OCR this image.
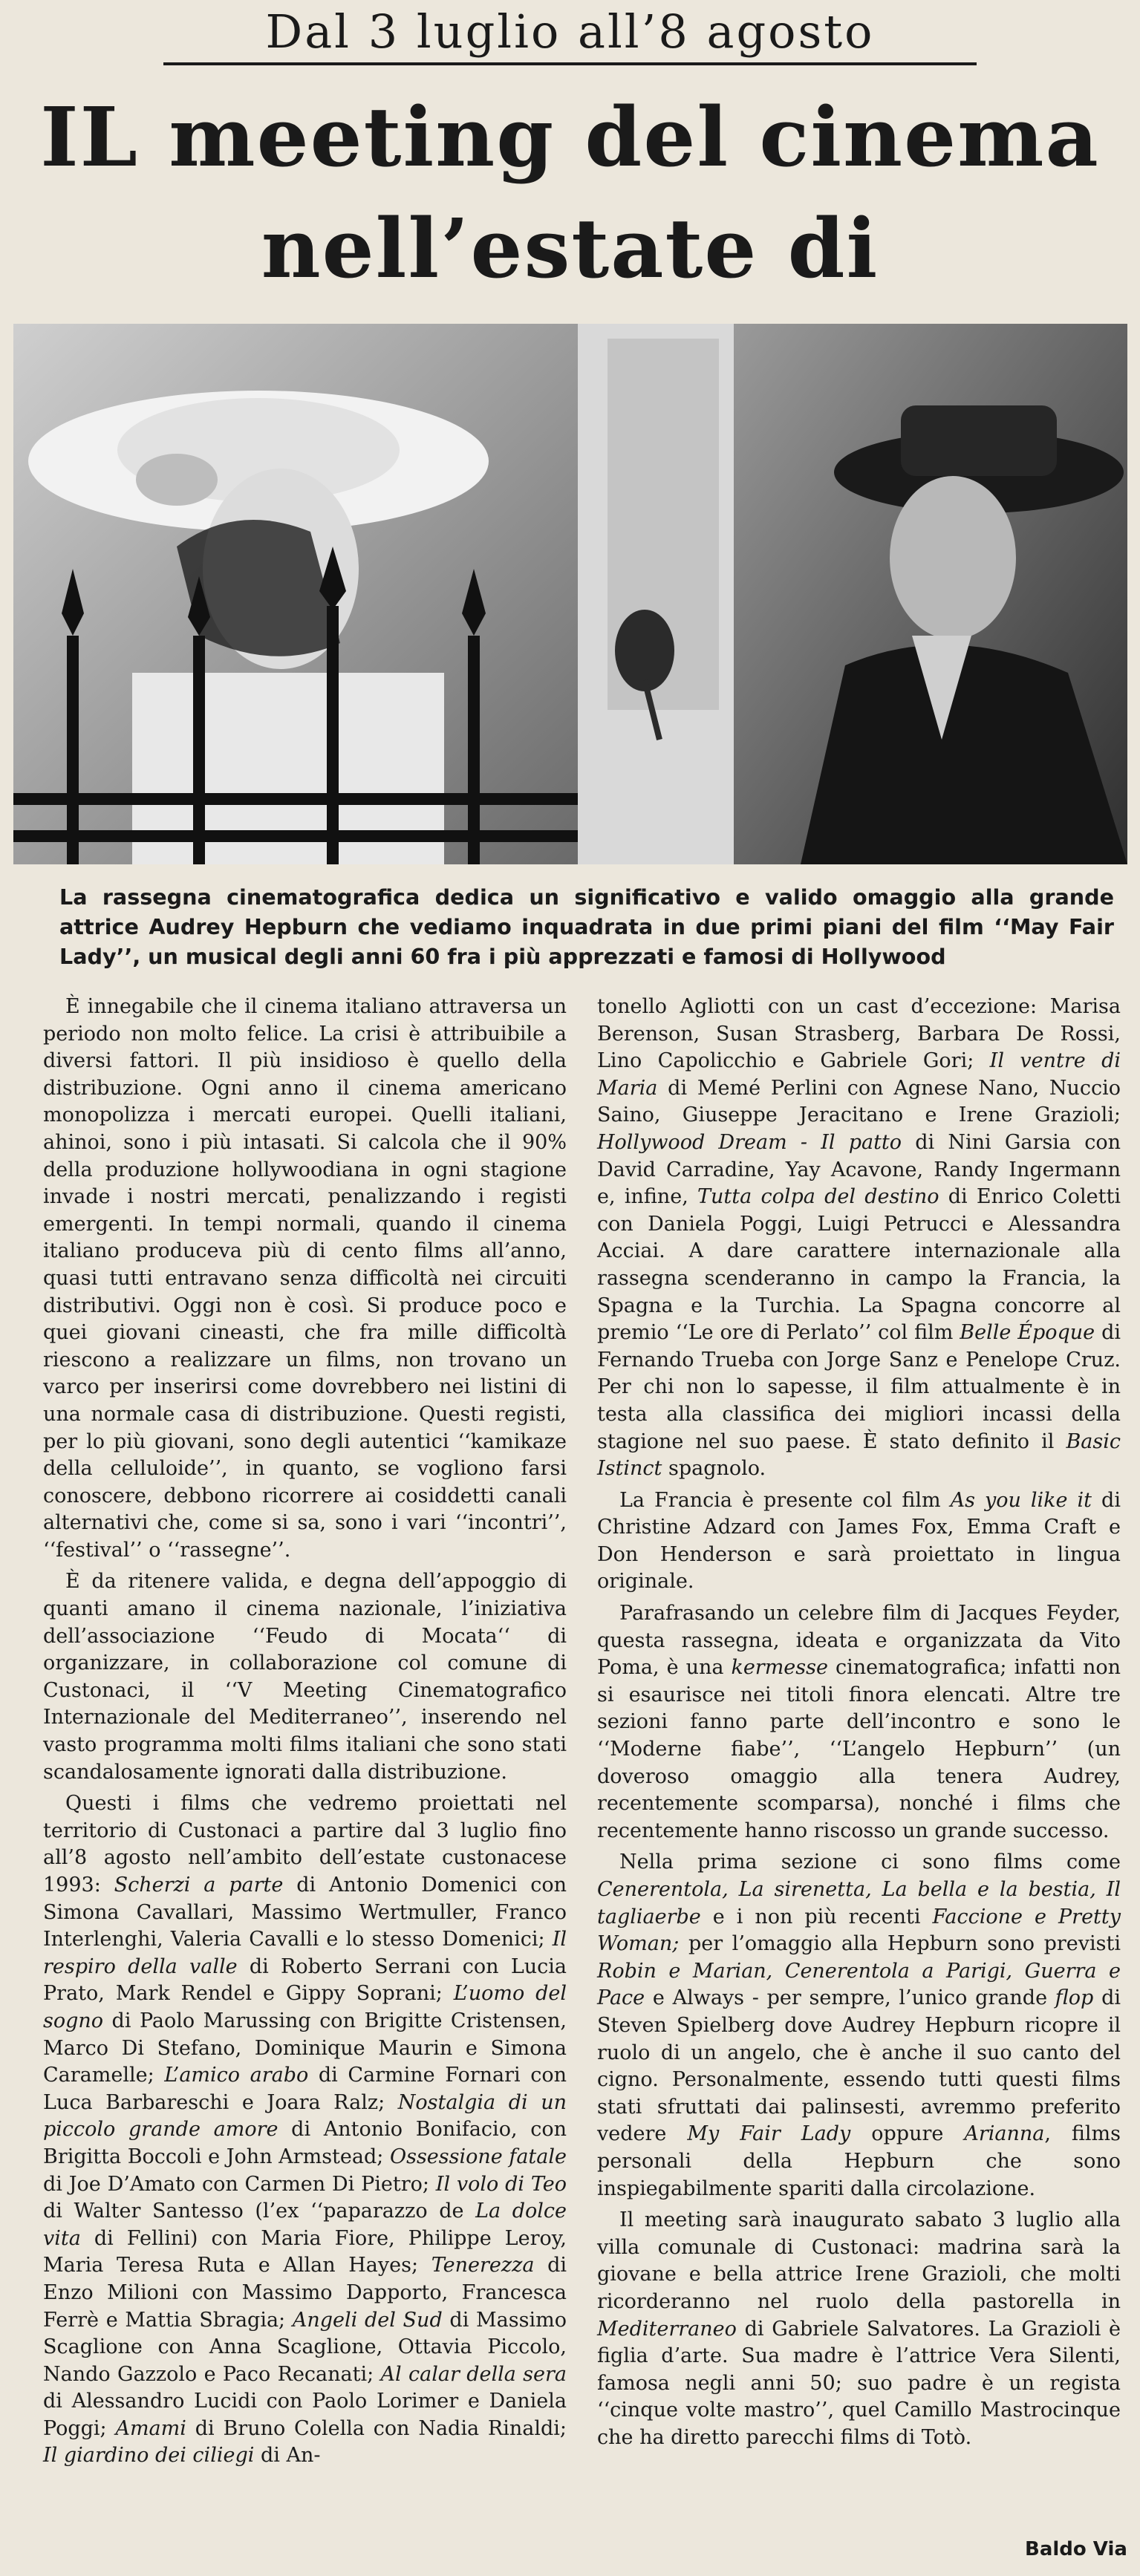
Dal 3 luglio all’8 agosto
IL meeting del cinema
nell’estate di
La rassegna cinematografica dedica un significativo e valido omaggio alla grande attrice Audrey Hepburn che vediamo inquadrata in due primi piani del film ‘‘May Fair Lady’’, un musical degli anni 60 fra i più apprezzati e famosi di Hollywood

È innegabile che il cinema italiano attraversa un periodo non molto felice. La crisi è attribuibile a diversi fattori. Il più insidioso è quello della distribuzione. Ogni anno il cinema americano monopolizza i mercati europei. Quelli italiani, ahinoi, sono i più intasati. Si calcola che il 90% della produzione hollywoodiana in ogni stagione invade i nostri mercati, penalizzando i registi emergenti. In tempi normali, quando il cinema italiano produceva più di cento films all’anno, quasi tutti entravano senza difficoltà nei circuiti distributivi. Oggi non è così. Si produce poco e quei giovani cineasti, che fra mille difficoltà riescono a realizzare un films, non trovano un varco per inserirsi come dovrebbero nei listini di una normale casa di distribuzione. Questi registi, per lo più giovani, sono degli autentici ‘‘kamikaze della celluloide’’, in quanto, se vogliono farsi conoscere, debbono ricorrere ai cosiddetti canali alternativi che, come si sa, sono i vari ‘‘incontri’’, ‘‘festival’’ o ‘‘rassegne’’.

È da ritenere valida, e degna dell’appoggio di quanti amano il cinema nazionale, l’iniziativa dell’associazione ‘‘Feudo di Mocata‘‘ di organizzare, in collaborazione col comune di Custonaci, il ‘‘V Meeting Cinematografico Internazionale del Mediterraneo’’, inserendo nel vasto programma molti films italiani che sono stati scandalosamente ignorati dalla distribuzione.

Questi i films che vedremo proiettati nel territorio di Custonaci a partire dal 3 luglio fino all’8 agosto nell’ambito dell’estate custonacese 1993: Scherzi a parte di Antonio Domenici con Simona Cavallari, Massimo Wertmuller, Franco Interlenghi, Valeria Cavalli e lo stesso Domenici; Il respiro della valle di Roberto Serrani con Lucia Prato, Mark Rendel e Gippy Soprani; L’uomo del sogno di Paolo Marussing con Brigitte Cristensen, Marco Di Stefano, Dominique Maurin e Simona Caramelle; L’amico arabo di Carmine Fornari con Luca Barbareschi e Joara Ralz; Nostalgia di un piccolo grande amore di Antonio Bonifacio, con Brigitta Boccoli e John Armstead; Ossessione fatale di Joe D’Amato con Carmen Di Pietro; Il volo di Teo di Walter Santesso (l’ex ‘‘paparazzo de La dolce vita di Fellini) con Maria Fiore, Philippe Leroy, Maria Teresa Ruta e Allan Hayes; Tenerezza di Enzo Milioni con Massimo Dapporto, Francesca Ferrè e Mattia Sbragia; Angeli del Sud di Massimo Scaglione con Anna Scaglione, Ottavia Piccolo, Nando Gazzolo e Paco Recanati; Al calar della sera di Alessandro Lucidi con Paolo Lorimer e Daniela Poggi; Amami di Bruno Colella con Nadia Rinaldi; Il giardino dei ciliegi di An-

tonello Agliotti con un cast d’eccezione: Marisa Berenson, Susan Strasberg, Barbara De Rossi, Lino Capolicchio e Gabriele Gori; Il ventre di Maria di Memé Perlini con Agnese Nano, Nuccio Saino, Giuseppe Jeracitano e Irene Grazioli; Hollywood Dream - Il patto di Nini Garsia con David Carradine, Yay Acavone, Randy Ingermann e, infine, Tutta colpa del destino di Enrico Coletti con Daniela Poggi, Luigi Petrucci e Alessandra Acciai. A dare carattere internazionale alla rassegna scenderanno in campo la Francia, la Spagna e la Turchia. La Spagna concorre al premio ‘‘Le ore di Perlato’’ col film Belle Époque di Fernando Trueba con Jorge Sanz e Penelope Cruz. Per chi non lo sapesse, il film attualmente è in testa alla classifica dei migliori incassi della stagione nel suo paese. È stato definito il Basic Istinct spagnolo.

La Francia è presente col film As you like it di Christine Adzard con James Fox, Emma Craft e Don Henderson e sarà proiettato in lingua originale.

Parafrasando un celebre film di Jacques Feyder, questa rassegna, ideata e organizzata da Vito Poma, è una kermesse cinematografica; infatti non si esaurisce nei titoli finora elencati. Altre tre sezioni fanno parte dell’incontro e sono le ‘‘Moderne fiabe’’, ‘‘L’angelo Hepburn’’ (un doveroso omaggio alla tenera Audrey, recentemente scomparsa), nonché i films che recentemente hanno riscosso un grande successo.

Nella prima sezione ci sono films come Cenerentola, La sirenetta, La bella e la bestia, Il tagliaerbe e i non più recenti Faccione e Pretty Woman; per l’omaggio alla Hepburn sono previsti Robin e Marian, Cenerentola a Parigi, Guerra e Pace e Always - per sempre, l’unico grande flop di Steven Spielberg dove Audrey Hepburn ricopre il ruolo di un angelo, che è anche il suo canto del cigno. Personalmente, essendo tutti questi films stati sfruttati dai palinsesti, avremmo preferito vedere My Fair Lady oppure Arianna, films personali della Hepburn che sono inspiegabilmente spariti dalla circolazione.

Il meeting sarà inaugurato sabato 3 luglio alla villa comunale di Custonaci: madrina sarà la giovane e bella attrice Irene Grazioli, che molti ricorderanno nel ruolo della pastorella in Mediterraneo di Gabriele Salvatores. La Grazioli è figlia d’arte. Sua madre è l’attrice Vera Silenti, famosa negli anni 50; suo padre è un regista ‘‘cinque volte mastro’’, quel Camillo Mastrocinque che ha diretto parecchi films di Totò.

Baldo Via
